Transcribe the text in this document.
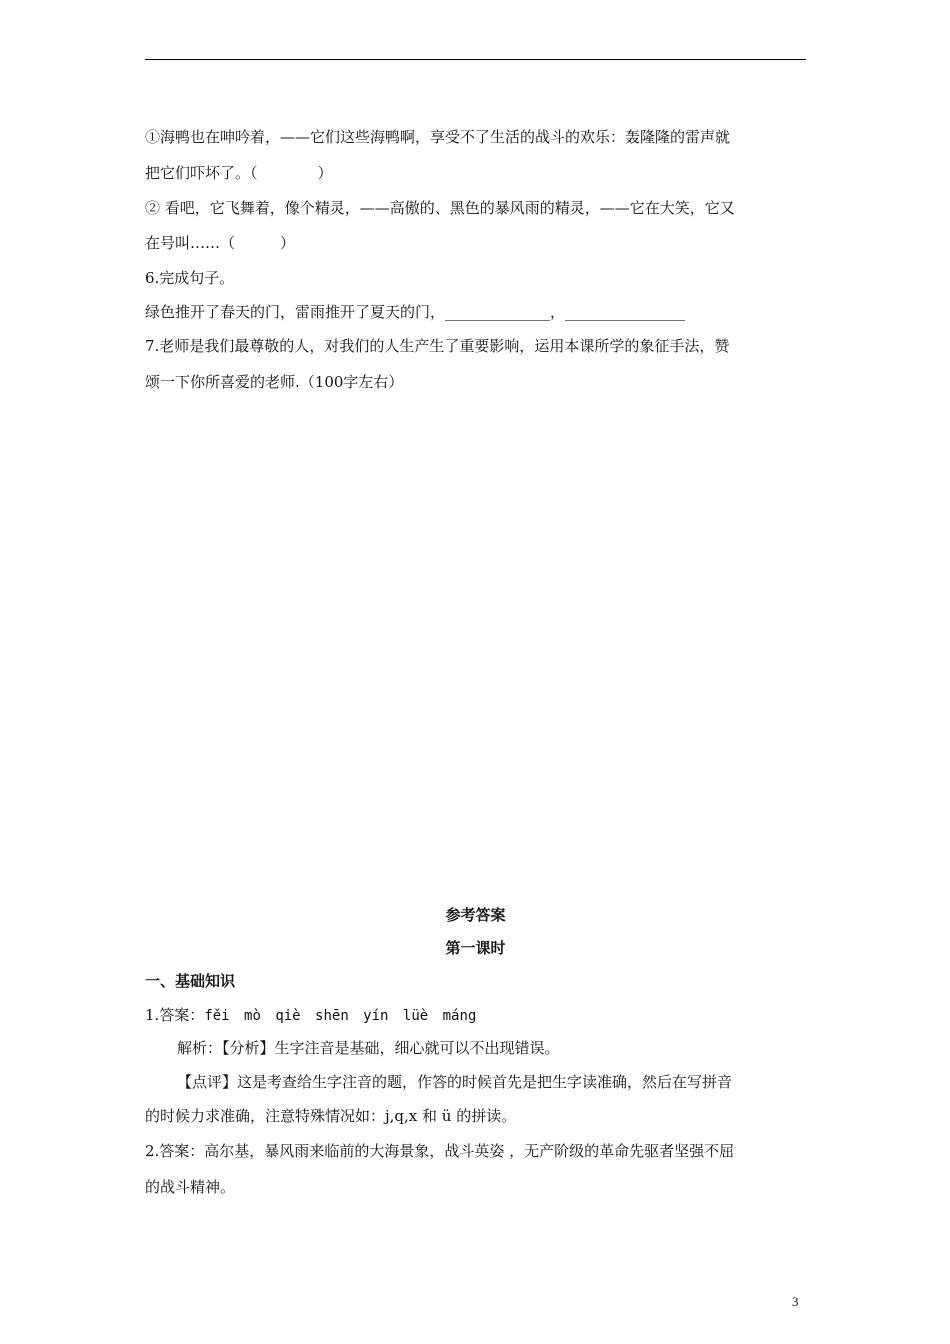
①海鸭也在呻吟着，——它们这些海鸭啊，享受不了生活的战斗的欢乐：轰隆隆的雷声就
把它们吓坏了。（　　　　）
② 看吧，它飞舞着，像个精灵，——高傲的、黑色的暴风雨的精灵，——它在大笑，它又
在号叫……（　　　）
6.完成句子。
绿色推开了春天的门，雷雨推开了夏天的门，______________，________________
7.老师是我们最尊敬的人，对我们的人生产生了重要影响，运用本课所学的象征手法，赞
颂一下你所喜爱的老师.（100字左右）
参考答案
第一课时
一、基础知识
1.答案：fěi mò qiè shēn yín lüè máng
解析：【分析】生字注音是基础，细心就可以不出现错误。
【点评】这是考查给生字注音的题，作答的时候首先是把生字读准确，然后在写拼音
的时候力求准确，注意特殊情况如：j,q,x 和 ü 的拼读。
2.答案：高尔基，暴风雨来临前的大海景象，战斗英姿 ，无产阶级的革命先驱者坚强不屈
的战斗精神。
3
